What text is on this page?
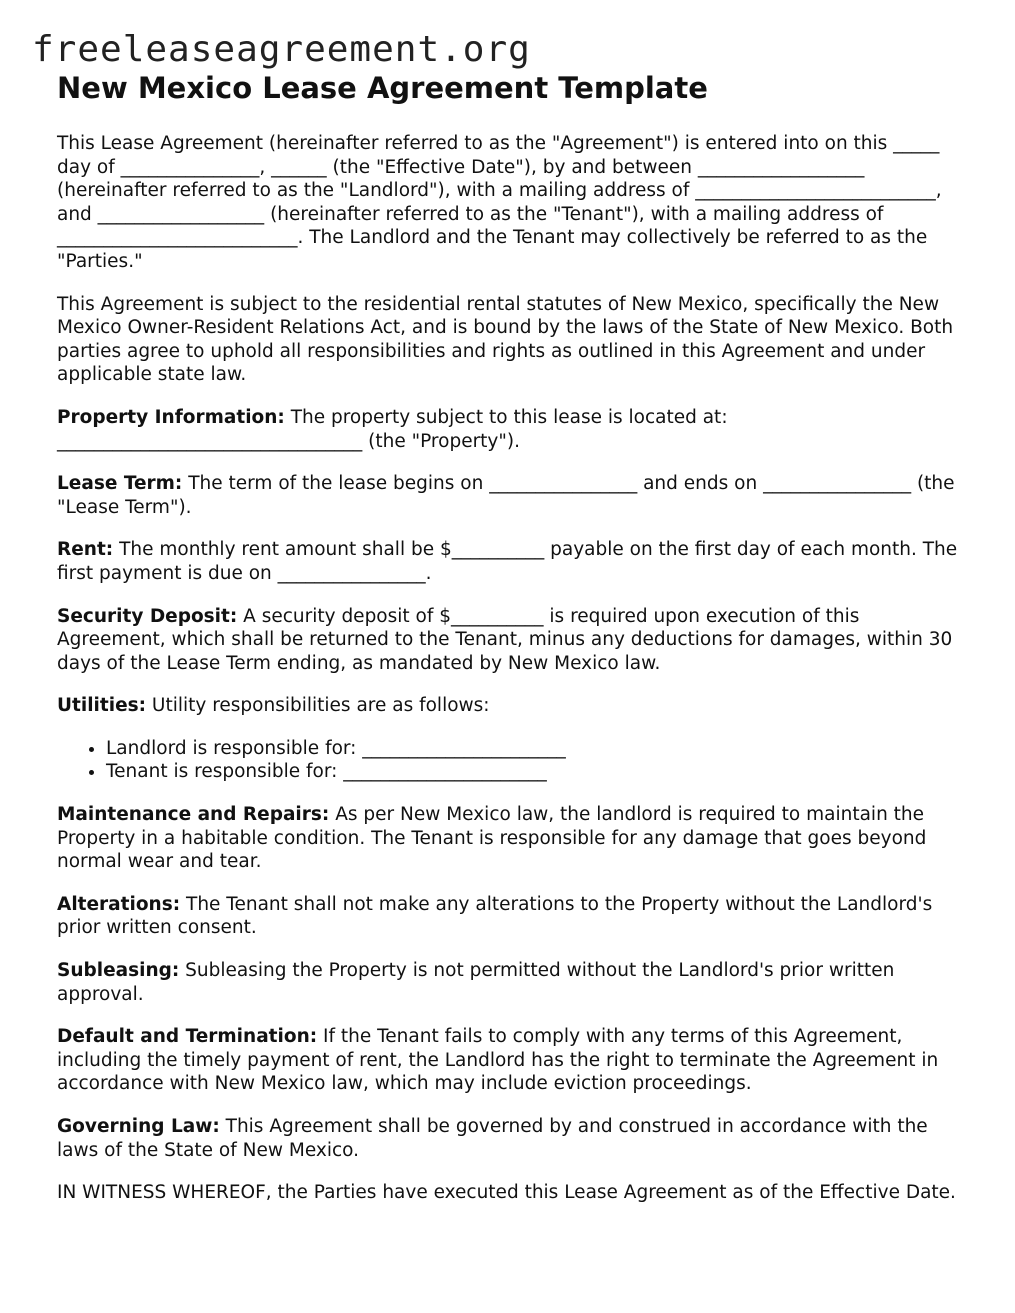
freeleaseagreement.org
New Mexico Lease Agreement Template

This Lease Agreement (hereinafter referred to as the "Agreement") is entered into on this _____ day of _______________, ______ (the "Effective Date"), by and between __________________ (hereinafter referred to as the "Landlord"), with a mailing address of __________________________, and __________________ (hereinafter referred to as the "Tenant"), with a mailing address of __________________________. The Landlord and the Tenant may collectively be referred to as the "Parties."

This Agreement is subject to the residential rental statutes of New Mexico, specifically the New Mexico Owner-Resident Relations Act, and is bound by the laws of the State of New Mexico. Both parties agree to uphold all responsibilities and rights as outlined in this Agreement and under applicable state law.

Property Information: The property subject to this lease is located at: _________________________________ (the "Property").

Lease Term: The term of the lease begins on ________________ and ends on ________________ (the "Lease Term").

Rent: The monthly rent amount shall be $__________ payable on the first day of each month. The first payment is due on ________________.

Security Deposit: A security deposit of $__________ is required upon execution of this Agreement, which shall be returned to the Tenant, minus any deductions for damages, within 30 days of the Lease Term ending, as mandated by New Mexico law.

Utilities: Utility responsibilities are as follows:

• Landlord is responsible for: ______________________
• Tenant is responsible for: ______________________

Maintenance and Repairs: As per New Mexico law, the landlord is required to maintain the Property in a habitable condition. The Tenant is responsible for any damage that goes beyond normal wear and tear.

Alterations: The Tenant shall not make any alterations to the Property without the Landlord's prior written consent.

Subleasing: Subleasing the Property is not permitted without the Landlord's prior written approval.

Default and Termination: If the Tenant fails to comply with any terms of this Agreement, including the timely payment of rent, the Landlord has the right to terminate the Agreement in accordance with New Mexico law, which may include eviction proceedings.

Governing Law: This Agreement shall be governed by and construed in accordance with the laws of the State of New Mexico.

IN WITNESS WHEREOF, the Parties have executed this Lease Agreement as of the Effective Date.
